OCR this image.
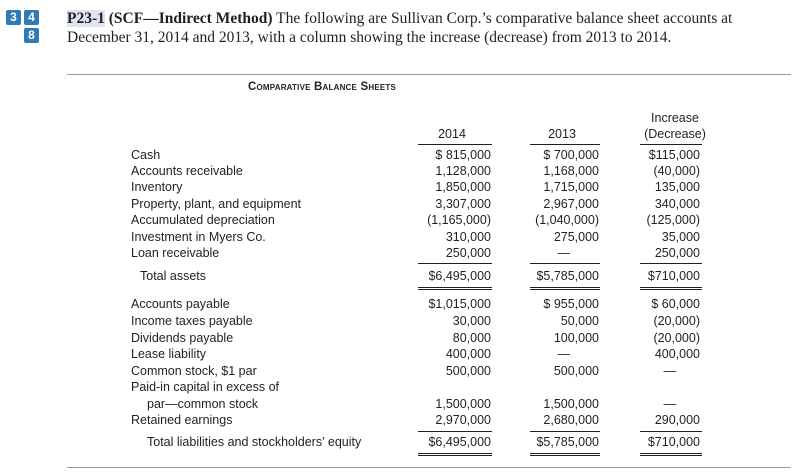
3 4
8
P23-1 (SCF—Indirect Method) The following are Sullivan Corp.’s comparative balance sheet accounts at
December 31, 2014 and 2013, with a column showing the increase (decrease) from 2013 to 2014.
Comparative Balance Sheets
2014	2013
Increase
(Decrease)
Cash	$ 815,000	$ 700,000	$115,000
Accounts receivable	1,128,000	1,168,000	(40,000)
Inventory	1,850,000	1,715,000	135,000
Property, plant, and equipment	3,307,000	2,967,000	340,000
Accumulated depreciation	(1,165,000)	(1,040,000)	(125,000)
Investment in Myers Co.	310,000	275,000	35,000
Loan receivable	250,000	—	250,000
Total assets	$6,495,000	$5,785,000	$710,000
Accounts payable	$1,015,000	$ 955,000	$ 60,000
Income taxes payable	30,000	50,000	(20,000)
Dividends payable	80,000	100,000	(20,000)
Lease liability	400,000	—	400,000
Common stock, $1 par	500,000	500,000	—
Paid-in capital in excess of
par—common stock	1,500,000	1,500,000	—
Retained earnings	2,970,000	2,680,000	290,000
Total liabilities and stockholders’ equity	$6,495,000	$5,785,000	$710,000
